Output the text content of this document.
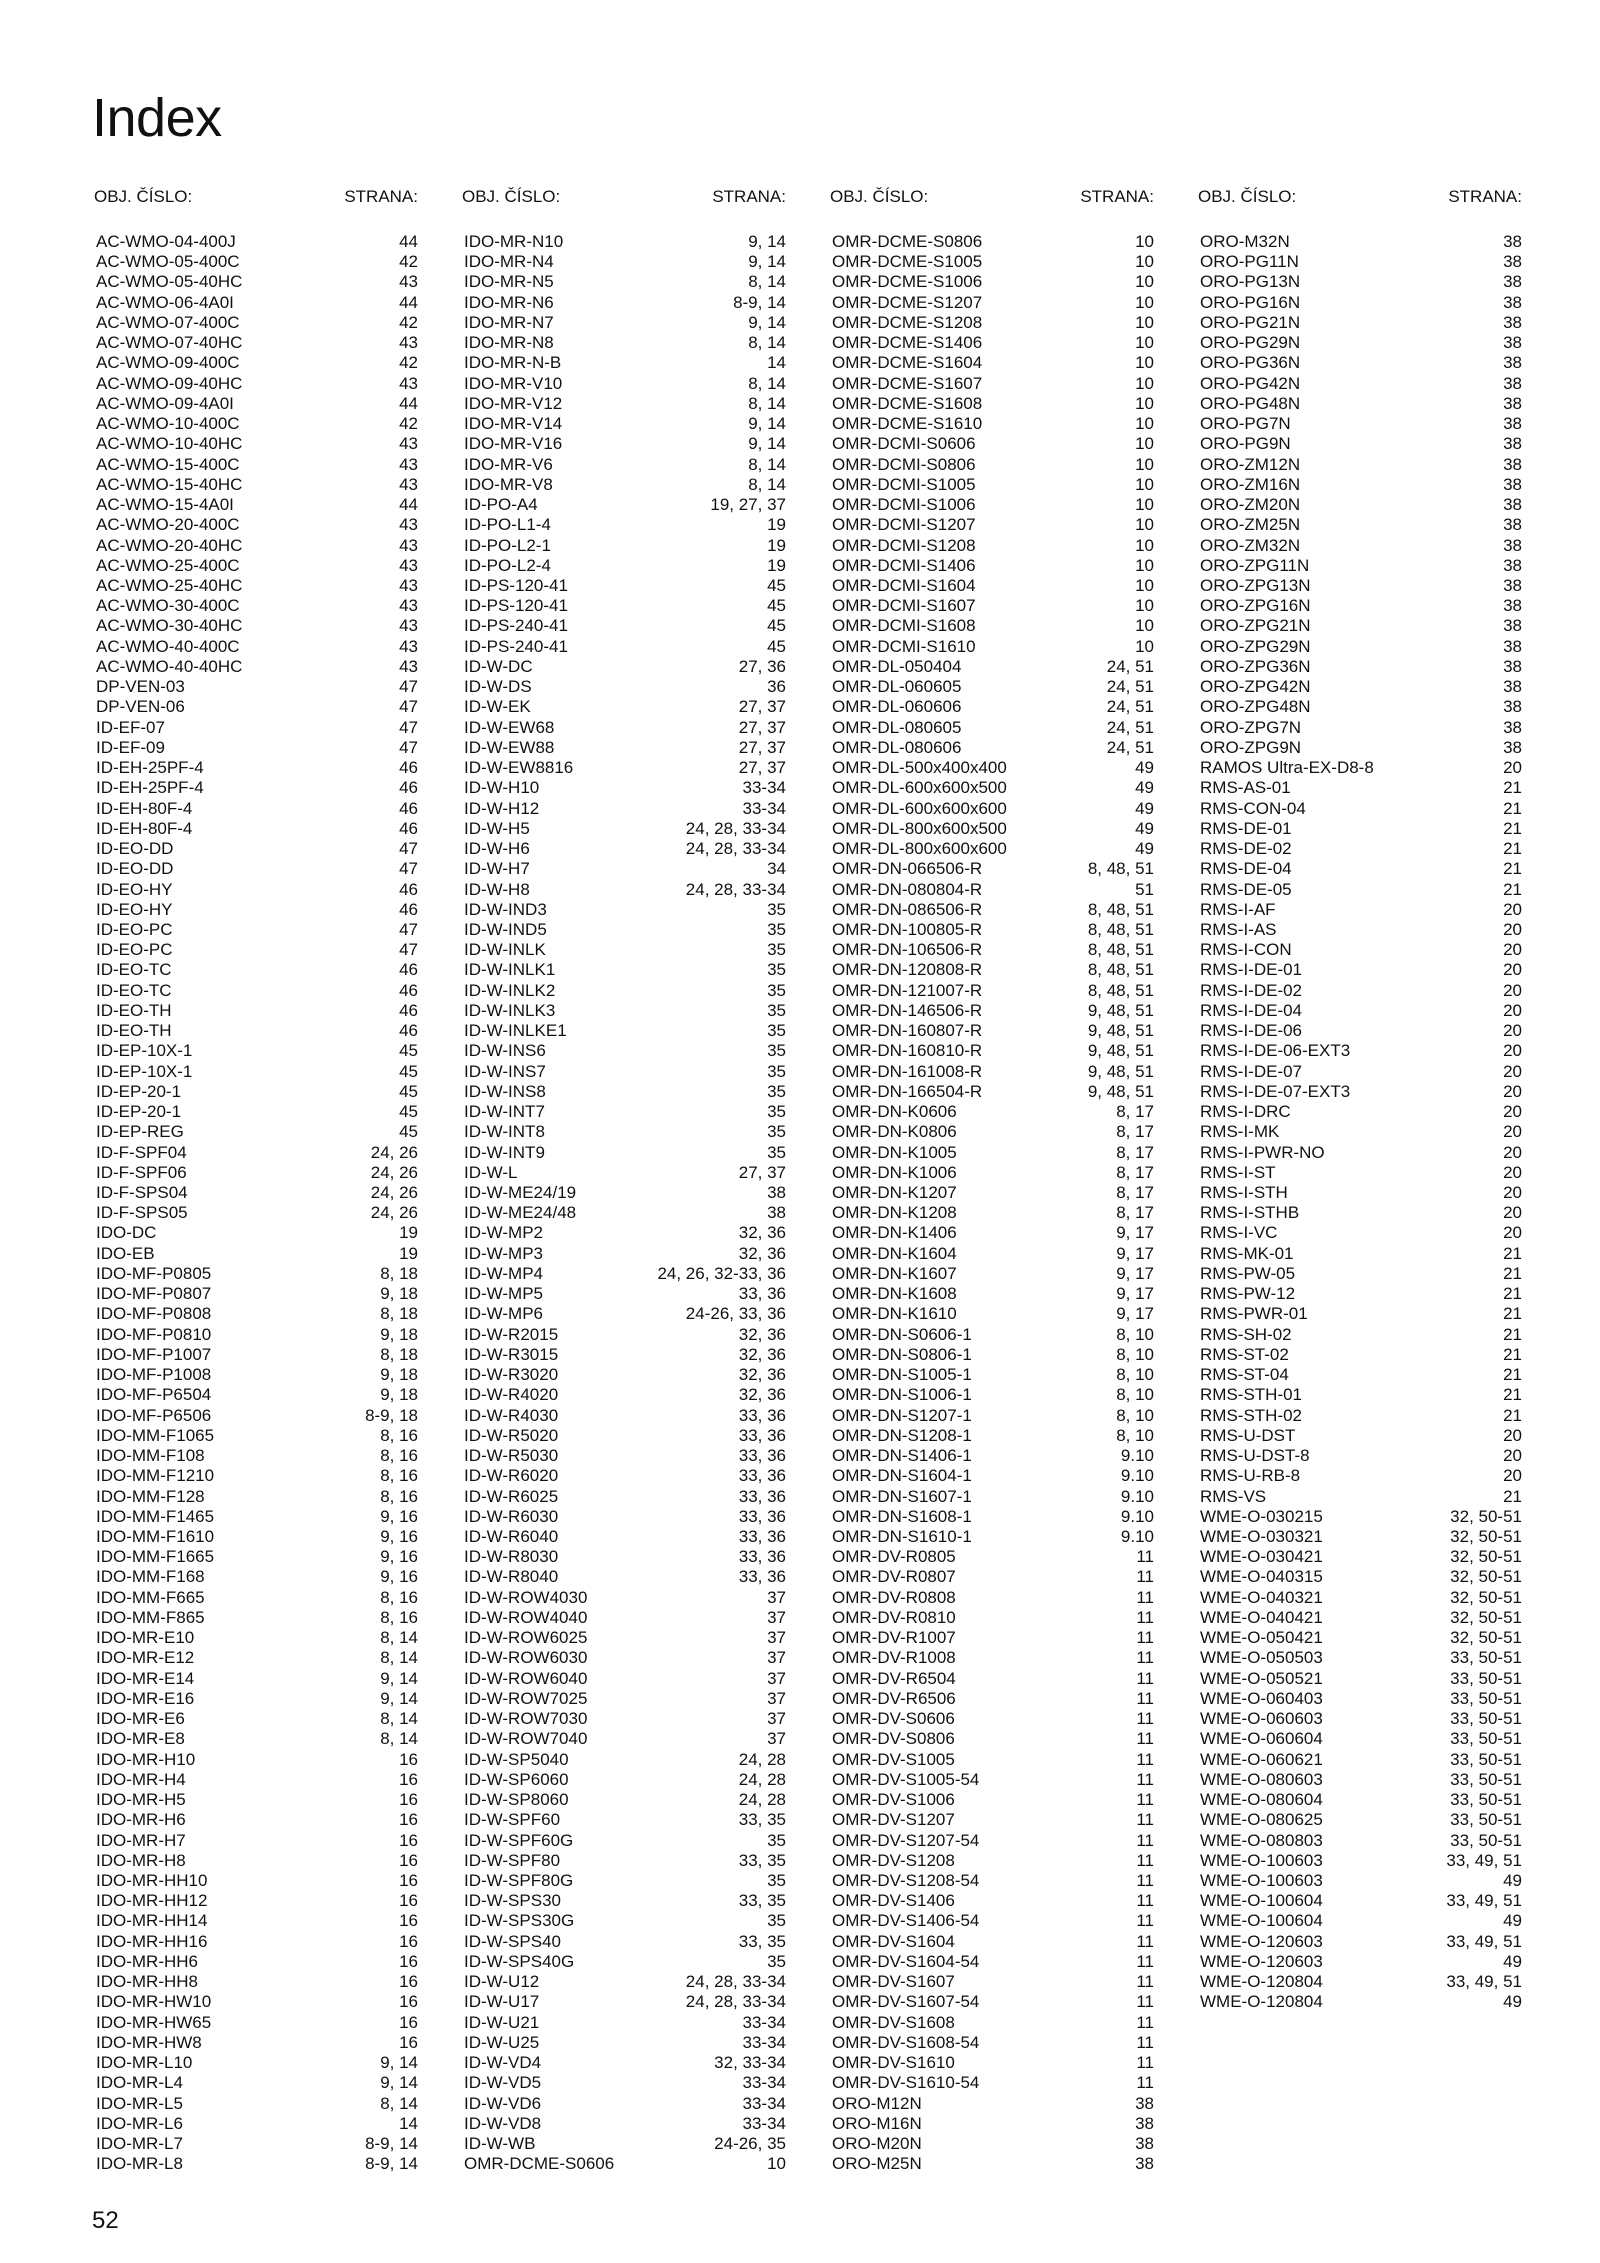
Index
OBJ. ČÍSLO:	STRANA:
AC-WMO-04-400J	44
AC-WMO-05-400C	42
AC-WMO-05-40HC	43
AC-WMO-06-4A0I	44
AC-WMO-07-400C	42
AC-WMO-07-40HC	43
AC-WMO-09-400C	42
AC-WMO-09-40HC	43
AC-WMO-09-4A0I	44
AC-WMO-10-400C	42
AC-WMO-10-40HC	43
AC-WMO-15-400C	43
AC-WMO-15-40HC	43
AC-WMO-15-4A0I	44
AC-WMO-20-400C	43
AC-WMO-20-40HC	43
AC-WMO-25-400C	43
AC-WMO-25-40HC	43
AC-WMO-30-400C	43
AC-WMO-30-40HC	43
AC-WMO-40-400C	43
AC-WMO-40-40HC	43
DP-VEN-03	47
DP-VEN-06	47
ID-EF-07	47
ID-EF-09	47
ID-EH-25PF-4	46
ID-EH-25PF-4	46
ID-EH-80F-4	46
ID-EH-80F-4	46
ID-EO-DD	47
ID-EO-DD	47
ID-EO-HY	46
ID-EO-HY	46
ID-EO-PC	47
ID-EO-PC	47
ID-EO-TC	46
ID-EO-TC	46
ID-EO-TH	46
ID-EO-TH	46
ID-EP-10X-1	45
ID-EP-10X-1	45
ID-EP-20-1	45
ID-EP-20-1	45
ID-EP-REG	45
ID-F-SPF04	24, 26
ID-F-SPF06	24, 26
ID-F-SPS04	24, 26
ID-F-SPS05	24, 26
IDO-DC	19
IDO-EB	19
IDO-MF-P0805	8, 18
IDO-MF-P0807	9, 18
IDO-MF-P0808	8, 18
IDO-MF-P0810	9, 18
IDO-MF-P1007	8, 18
IDO-MF-P1008	9, 18
IDO-MF-P6504	9, 18
IDO-MF-P6506	8-9, 18
IDO-MM-F1065	8, 16
IDO-MM-F108	8, 16
IDO-MM-F1210	8, 16
IDO-MM-F128	8, 16
IDO-MM-F1465	9, 16
IDO-MM-F1610	9, 16
IDO-MM-F1665	9, 16
IDO-MM-F168	9, 16
IDO-MM-F665	8, 16
IDO-MM-F865	8, 16
IDO-MR-E10	8, 14
IDO-MR-E12	8, 14
IDO-MR-E14	9, 14
IDO-MR-E16	9, 14
IDO-MR-E6	8, 14
IDO-MR-E8	8, 14
IDO-MR-H10	16
IDO-MR-H4	16
IDO-MR-H5	16
IDO-MR-H6	16
IDO-MR-H7	16
IDO-MR-H8	16
IDO-MR-HH10	16
IDO-MR-HH12	16
IDO-MR-HH14	16
IDO-MR-HH16	16
IDO-MR-HH6	16
IDO-MR-HH8	16
IDO-MR-HW10	16
IDO-MR-HW65	16
IDO-MR-HW8	16
IDO-MR-L10	9, 14
IDO-MR-L4	9, 14
IDO-MR-L5	8, 14
IDO-MR-L6	14
IDO-MR-L7	8-9, 14
IDO-MR-L8	8-9, 14
OBJ. ČÍSLO:	STRANA:
IDO-MR-N10	9, 14
IDO-MR-N4	9, 14
IDO-MR-N5	8, 14
IDO-MR-N6	8-9, 14
IDO-MR-N7	9, 14
IDO-MR-N8	8, 14
IDO-MR-N-B	14
IDO-MR-V10	8, 14
IDO-MR-V12	8, 14
IDO-MR-V14	9, 14
IDO-MR-V16	9, 14
IDO-MR-V6	8, 14
IDO-MR-V8	8, 14
ID-PO-A4	19, 27, 37
ID-PO-L1-4	19
ID-PO-L2-1	19
ID-PO-L2-4	19
ID-PS-120-41	45
ID-PS-120-41	45
ID-PS-240-41	45
ID-PS-240-41	45
ID-W-DC	27, 36
ID-W-DS	36
ID-W-EK	27, 37
ID-W-EW68	27, 37
ID-W-EW88	27, 37
ID-W-EW8816	27, 37
ID-W-H10	33-34
ID-W-H12	33-34
ID-W-H5	24, 28, 33-34
ID-W-H6	24, 28, 33-34
ID-W-H7	34
ID-W-H8	24, 28, 33-34
ID-W-IND3	35
ID-W-IND5	35
ID-W-INLK	35
ID-W-INLK1	35
ID-W-INLK2	35
ID-W-INLK3	35
ID-W-INLKE1	35
ID-W-INS6	35
ID-W-INS7	35
ID-W-INS8	35
ID-W-INT7	35
ID-W-INT8	35
ID-W-INT9	35
ID-W-L	27, 37
ID-W-ME24/19	38
ID-W-ME24/48	38
ID-W-MP2	32, 36
ID-W-MP3	32, 36
ID-W-MP4	24, 26, 32-33, 36
ID-W-MP5	33, 36
ID-W-MP6	24-26, 33, 36
ID-W-R2015	32, 36
ID-W-R3015	32, 36
ID-W-R3020	32, 36
ID-W-R4020	32, 36
ID-W-R4030	33, 36
ID-W-R5020	33, 36
ID-W-R5030	33, 36
ID-W-R6020	33, 36
ID-W-R6025	33, 36
ID-W-R6030	33, 36
ID-W-R6040	33, 36
ID-W-R8030	33, 36
ID-W-R8040	33, 36
ID-W-ROW4030	37
ID-W-ROW4040	37
ID-W-ROW6025	37
ID-W-ROW6030	37
ID-W-ROW6040	37
ID-W-ROW7025	37
ID-W-ROW7030	37
ID-W-ROW7040	37
ID-W-SP5040	24, 28
ID-W-SP6060	24, 28
ID-W-SP8060	24, 28
ID-W-SPF60	33, 35
ID-W-SPF60G	35
ID-W-SPF80	33, 35
ID-W-SPF80G	35
ID-W-SPS30	33, 35
ID-W-SPS30G	35
ID-W-SPS40	33, 35
ID-W-SPS40G	35
ID-W-U12	24, 28, 33-34
ID-W-U17	24, 28, 33-34
ID-W-U21	33-34
ID-W-U25	33-34
ID-W-VD4	32, 33-34
ID-W-VD5	33-34
ID-W-VD6	33-34
ID-W-VD8	33-34
ID-W-WB	24-26, 35
OMR-DCME-S0606	10
OBJ. ČÍSLO:	STRANA:
OMR-DCME-S0806	10
OMR-DCME-S1005	10
OMR-DCME-S1006	10
OMR-DCME-S1207	10
OMR-DCME-S1208	10
OMR-DCME-S1406	10
OMR-DCME-S1604	10
OMR-DCME-S1607	10
OMR-DCME-S1608	10
OMR-DCME-S1610	10
OMR-DCMI-S0606	10
OMR-DCMI-S0806	10
OMR-DCMI-S1005	10
OMR-DCMI-S1006	10
OMR-DCMI-S1207	10
OMR-DCMI-S1208	10
OMR-DCMI-S1406	10
OMR-DCMI-S1604	10
OMR-DCMI-S1607	10
OMR-DCMI-S1608	10
OMR-DCMI-S1610	10
OMR-DL-050404	24, 51
OMR-DL-060605	24, 51
OMR-DL-060606	24, 51
OMR-DL-080605	24, 51
OMR-DL-080606	24, 51
OMR-DL-500x400x400	49
OMR-DL-600x600x500	49
OMR-DL-600x600x600	49
OMR-DL-800x600x500	49
OMR-DL-800x600x600	49
OMR-DN-066506-R	8, 48, 51
OMR-DN-080804-R	51
OMR-DN-086506-R	8, 48, 51
OMR-DN-100805-R	8, 48, 51
OMR-DN-106506-R	8, 48, 51
OMR-DN-120808-R	8, 48, 51
OMR-DN-121007-R	8, 48, 51
OMR-DN-146506-R	9, 48, 51
OMR-DN-160807-R	9, 48, 51
OMR-DN-160810-R	9, 48, 51
OMR-DN-161008-R	9, 48, 51
OMR-DN-166504-R	9, 48, 51
OMR-DN-K0606	8, 17
OMR-DN-K0806	8, 17
OMR-DN-K1005	8, 17
OMR-DN-K1006	8, 17
OMR-DN-K1207	8, 17
OMR-DN-K1208	8, 17
OMR-DN-K1406	9, 17
OMR-DN-K1604	9, 17
OMR-DN-K1607	9, 17
OMR-DN-K1608	9, 17
OMR-DN-K1610	9, 17
OMR-DN-S0606-1	8, 10
OMR-DN-S0806-1	8, 10
OMR-DN-S1005-1	8, 10
OMR-DN-S1006-1	8, 10
OMR-DN-S1207-1	8, 10
OMR-DN-S1208-1	8, 10
OMR-DN-S1406-1	9.10
OMR-DN-S1604-1	9.10
OMR-DN-S1607-1	9.10
OMR-DN-S1608-1	9.10
OMR-DN-S1610-1	9.10
OMR-DV-R0805	11
OMR-DV-R0807	11
OMR-DV-R0808	11
OMR-DV-R0810	11
OMR-DV-R1007	11
OMR-DV-R1008	11
OMR-DV-R6504	11
OMR-DV-R6506	11
OMR-DV-S0606	11
OMR-DV-S0806	11
OMR-DV-S1005	11
OMR-DV-S1005-54	11
OMR-DV-S1006	11
OMR-DV-S1207	11
OMR-DV-S1207-54	11
OMR-DV-S1208	11
OMR-DV-S1208-54	11
OMR-DV-S1406	11
OMR-DV-S1406-54	11
OMR-DV-S1604	11
OMR-DV-S1604-54	11
OMR-DV-S1607	11
OMR-DV-S1607-54	11
OMR-DV-S1608	11
OMR-DV-S1608-54	11
OMR-DV-S1610	11
OMR-DV-S1610-54	11
ORO-M12N	38
ORO-M16N	38
ORO-M20N	38
ORO-M25N	38
OBJ. ČÍSLO:	STRANA:
ORO-M32N	38
ORO-PG11N	38
ORO-PG13N	38
ORO-PG16N	38
ORO-PG21N	38
ORO-PG29N	38
ORO-PG36N	38
ORO-PG42N	38
ORO-PG48N	38
ORO-PG7N	38
ORO-PG9N	38
ORO-ZM12N	38
ORO-ZM16N	38
ORO-ZM20N	38
ORO-ZM25N	38
ORO-ZM32N	38
ORO-ZPG11N	38
ORO-ZPG13N	38
ORO-ZPG16N	38
ORO-ZPG21N	38
ORO-ZPG29N	38
ORO-ZPG36N	38
ORO-ZPG42N	38
ORO-ZPG48N	38
ORO-ZPG7N	38
ORO-ZPG9N	38
RAMOS Ultra-EX-D8-8	20
RMS-AS-01	21
RMS-CON-04	21
RMS-DE-01	21
RMS-DE-02	21
RMS-DE-04	21
RMS-DE-05	21
RMS-I-AF	20
RMS-I-AS	20
RMS-I-CON	20
RMS-I-DE-01	20
RMS-I-DE-02	20
RMS-I-DE-04	20
RMS-I-DE-06	20
RMS-I-DE-06-EXT3	20
RMS-I-DE-07	20
RMS-I-DE-07-EXT3	20
RMS-I-DRC	20
RMS-I-MK	20
RMS-I-PWR-NO	20
RMS-I-ST	20
RMS-I-STH	20
RMS-I-STHB	20
RMS-I-VC	20
RMS-MK-01	21
RMS-PW-05	21
RMS-PW-12	21
RMS-PWR-01	21
RMS-SH-02	21
RMS-ST-02	21
RMS-ST-04	21
RMS-STH-01	21
RMS-STH-02	21
RMS-U-DST	20
RMS-U-DST-8	20
RMS-U-RB-8	20
RMS-VS	21
WME-O-030215	32, 50-51
WME-O-030321	32, 50-51
WME-O-030421	32, 50-51
WME-O-040315	32, 50-51
WME-O-040321	32, 50-51
WME-O-040421	32, 50-51
WME-O-050421	32, 50-51
WME-O-050503	33, 50-51
WME-O-050521	33, 50-51
WME-O-060403	33, 50-51
WME-O-060603	33, 50-51
WME-O-060604	33, 50-51
WME-O-060621	33, 50-51
WME-O-080603	33, 50-51
WME-O-080604	33, 50-51
WME-O-080625	33, 50-51
WME-O-080803	33, 50-51
WME-O-100603	33, 49, 51
WME-O-100603	49
WME-O-100604	33, 49, 51
WME-O-100604	49
WME-O-120603	33, 49, 51
WME-O-120603	49
WME-O-120804	33, 49, 51
WME-O-120804	49
52
